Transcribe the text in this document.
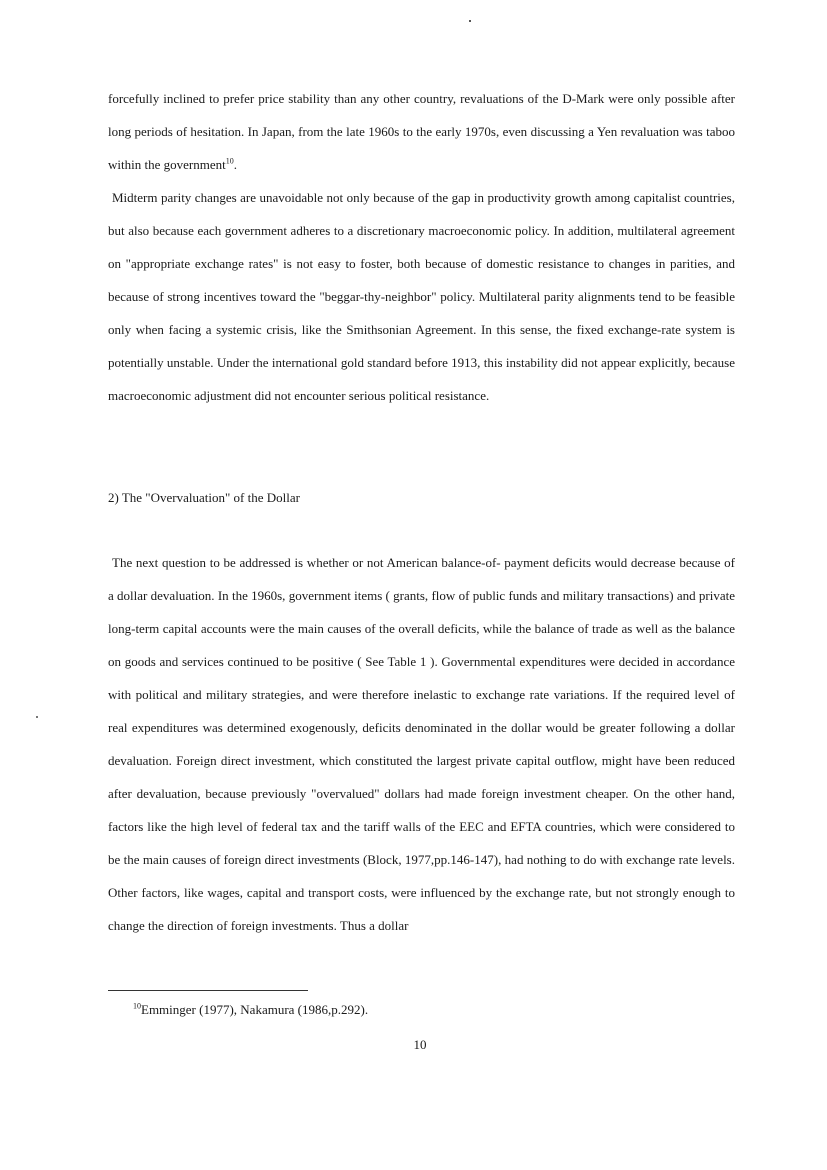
forcefully inclined to prefer price stability than any other country, revaluations of the D-Mark were only possible after long periods of hesitation. In Japan, from the late 1960s to the early 1970s, even discussing a Yen revaluation was taboo within the government$^{10}$.

Midterm parity changes are unavoidable not only because of the gap in productivity growth among capitalist countries, but also because each government adheres to a discretionary macroeconomic policy. In addition, multilateral agreement on "appropriate exchange rates" is not easy to foster, both because of domestic resistance to changes in parities, and because of strong incentives toward the "beggar-thy-neighbor" policy. Multilateral parity alignments tend to be feasible only when facing a systemic crisis, like the Smithsonian Agreement. In this sense, the fixed exchange-rate system is potentially unstable. Under the international gold standard before 1913, this instability did not appear explicitly, because macroeconomic adjustment did not encounter serious political resistance.

2) The "Overvaluation" of the Dollar

The next question to be addressed is whether or not American balance-of- payment deficits would decrease because of a dollar devaluation. In the 1960s, government items ( grants, flow of public funds and military transactions) and private long-term capital accounts were the main causes of the overall deficits, while the balance of trade as well as the balance on goods and services continued to be positive ( See Table 1 ). Governmental expenditures were decided in accordance with political and military strategies, and were therefore inelastic to exchange rate variations. If the required level of real expenditures was determined exogenously, deficits denominated in the dollar would be greater following a dollar devaluation. Foreign direct investment, which constituted the largest private capital outflow, might have been reduced after devaluation, because previously "overvalued" dollars had made foreign investment cheaper. On the other hand, factors like the high level of federal tax and the tariff walls of the EEC and EFTA countries, which were considered to be the main causes of foreign direct investments (Block, 1977,pp.146-147), had nothing to do with exchange rate levels. Other factors, like wages, capital and transport costs, were influenced by the exchange rate, but not strongly enough to change the direction of foreign investments. Thus a dollar

$^{10}$Emminger (1977), Nakamura (1986,p.292).
10
